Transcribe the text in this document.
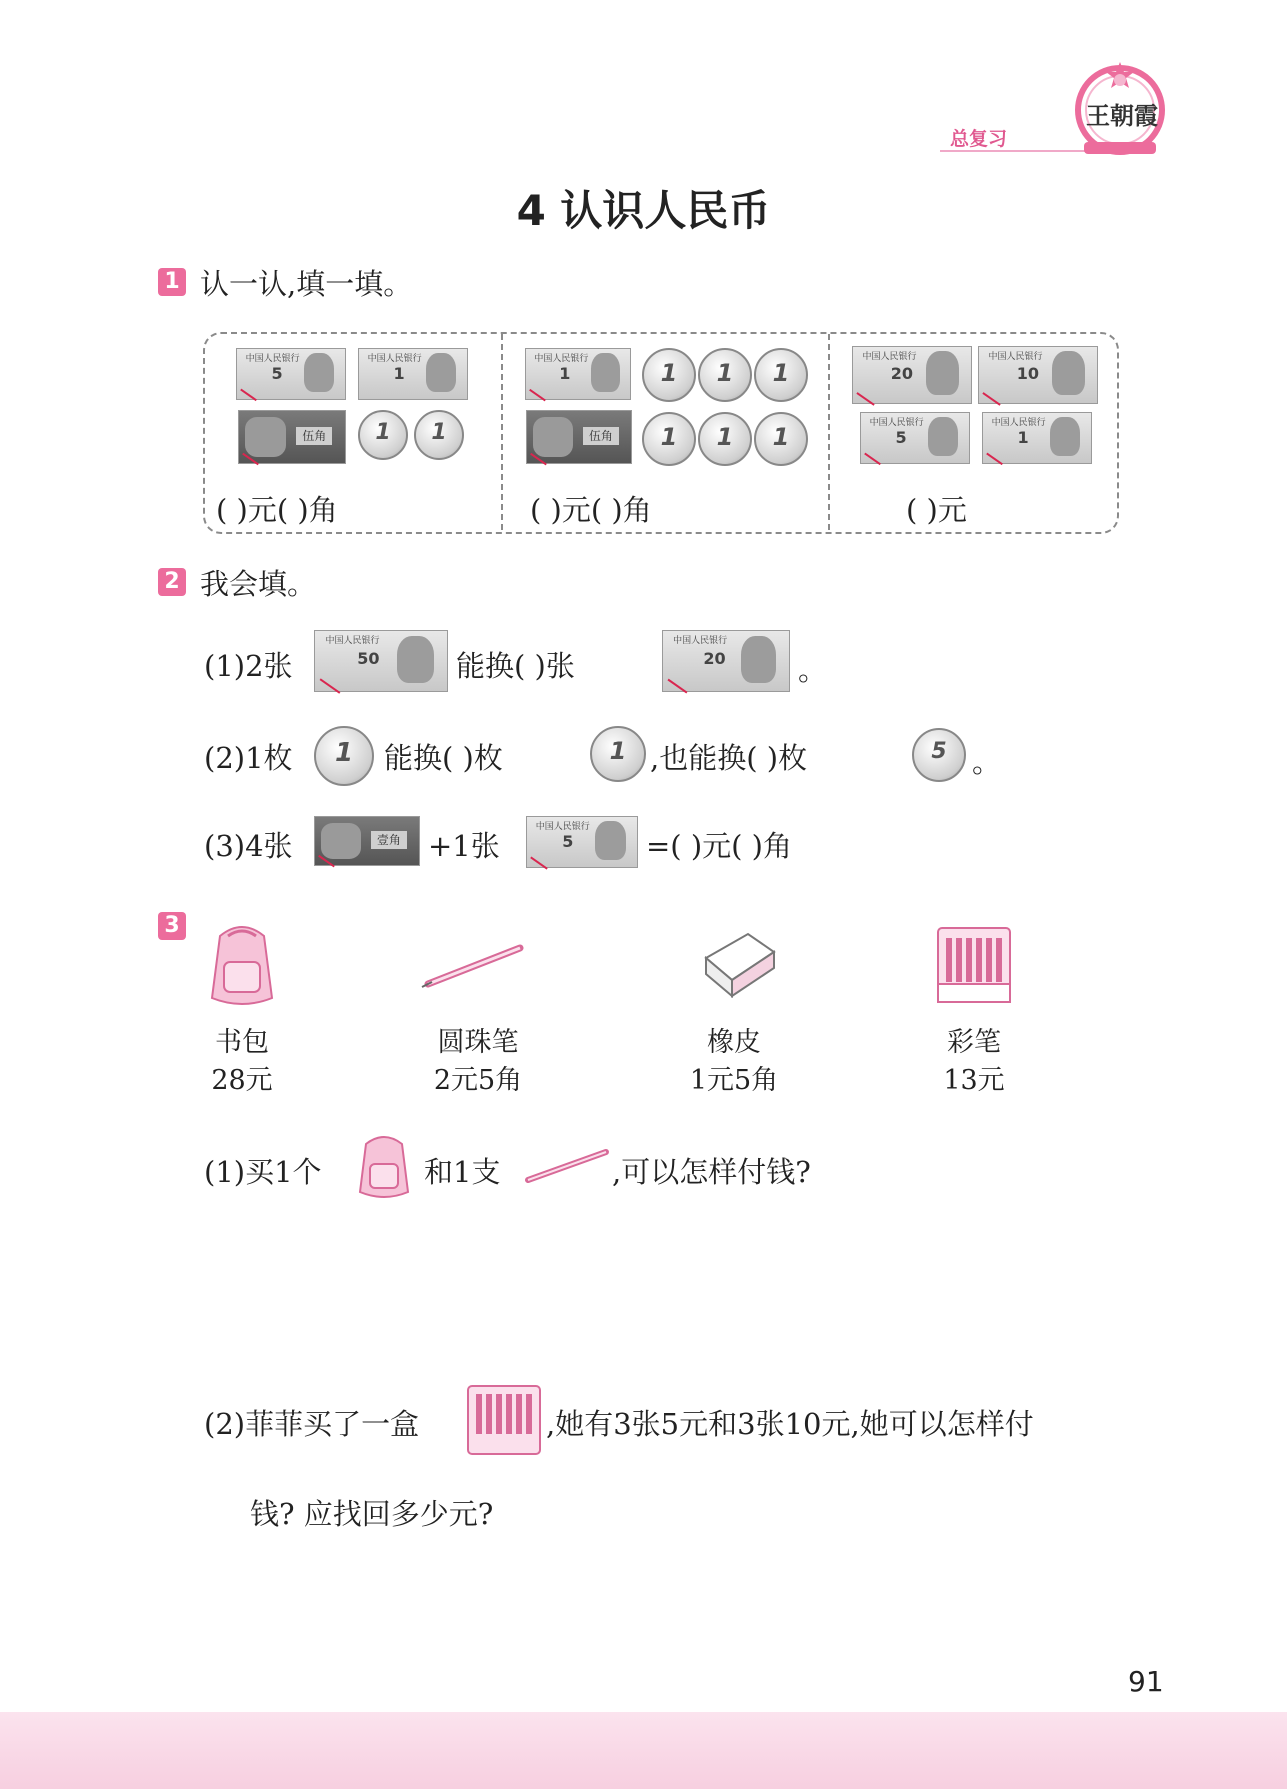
总复习
王朝霞
4 认识人民币
1 认一认,填一填。
中国人民银行
5
中国人民银行
1
伍角	1	1
( )元( )角
中国人民银行
1	1	1	1
伍角	1	1	1
( )元( )角
中国人民银行
20
中国人民银行
10
中国人民银行
5
中国人民银行
1
( )元
2 我会填。
(1)2张
中国人民银行
50	能换( )张
中国人民银行
20 。
(2)1枚	1	能换( )枚	1 ,也能换( )枚	5 。
(3)4张	壹角 +1张
中国人民银行
5	=( )元( )角
3
书包
28元
圆珠笔
2元5角
橡皮
1元5角
彩笔
13元
(1)买1个	和1支	,可以怎样付钱?
(2)菲菲买了一盒	,她有3张5元和3张10元,她可以怎样付
钱? 应找回多少元?
91
